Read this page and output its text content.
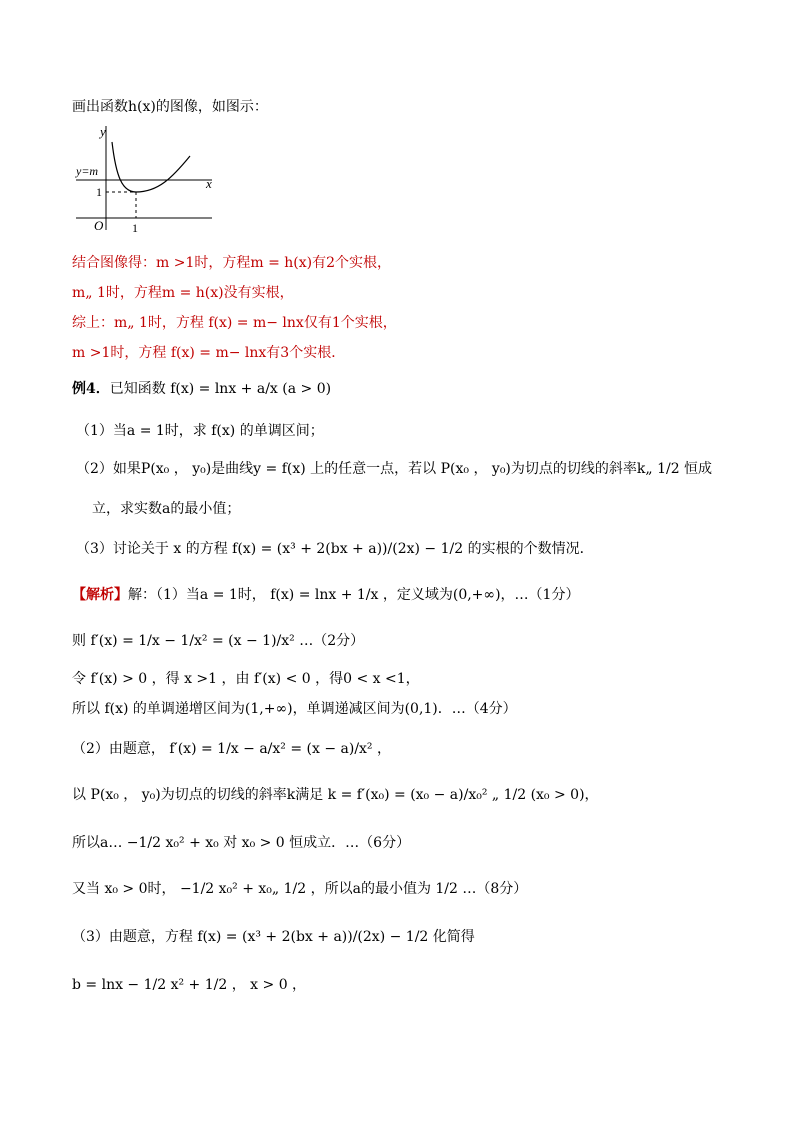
画出函数h(x)的图像，如图示：
y
x
y=m
1
O 1
结合图像得：m >1时，方程m = h(x)有2个实根，
m„ 1时，方程m = h(x)没有实根，
综上：m„ 1时，方程 f(x) = m− lnx仅有1个实根，
m >1时，方程 f(x) = m− lnx有3个实根．
例4．已知函数 f(x) = lnx + a/x (a > 0)
（1）当a = 1时，求 f(x) 的单调区间；
（2）如果P(x₀ ， y₀)是曲线y = f(x) 上的任意一点，若以 P(x₀ ， y₀)为切点的切线的斜率k„ 1/2 恒成
立，求实数a的最小值；
（3）讨论关于 x 的方程 f(x) = (x³ + 2(bx + a))/(2x) − 1/2 的实根的个数情况．
【解析】解：（1）当a = 1时， f(x) = lnx + 1/x ，定义域为(0,+∞)，…（1分）
则 f′(x) = 1/x − 1/x² = (x − 1)/x² …（2分）
令 f′(x) > 0 ，得 x >1 ，由 f′(x) < 0 ，得0 < x <1，
所以 f(x) 的单调递增区间为(1,+∞)，单调递减区间为(0,1)．…（4分）
（2）由题意， f′(x) = 1/x − a/x² = (x − a)/x² ，
以 P(x₀ ， y₀)为切点的切线的斜率k满足 k = f′(x₀) = (x₀ − a)/x₀² „ 1/2 (x₀ > 0)，
所以a… −1/2 x₀² + x₀ 对 x₀ > 0 恒成立．…（6分）
又当 x₀ > 0时， −1/2 x₀² + x₀„ 1/2 ，所以a的最小值为 1/2 …（8分）
（3）由题意，方程 f(x) = (x³ + 2(bx + a))/(2x) − 1/2 化简得
b = lnx − 1/2 x² + 1/2 ， x > 0 ，
